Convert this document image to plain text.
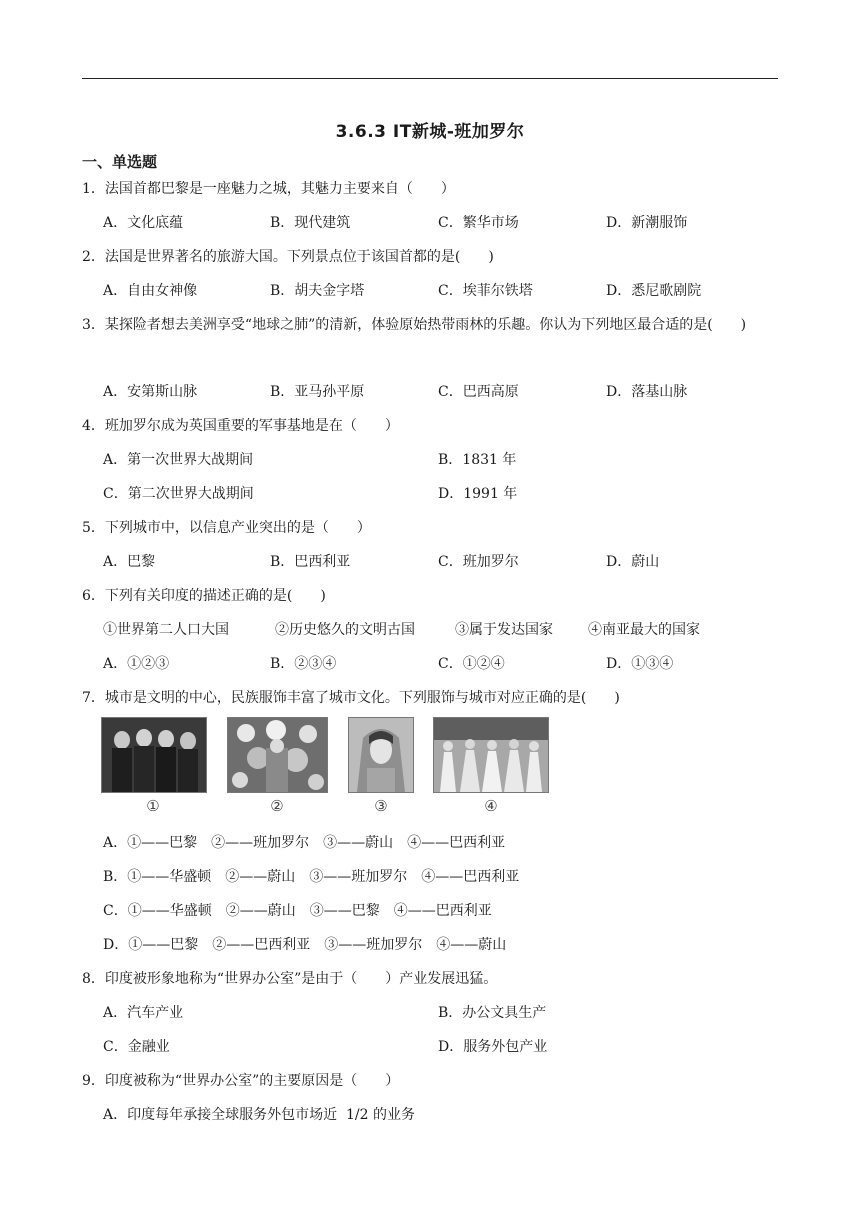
3.6.3 IT新城-班加罗尔
一、单选题
1．法国首都巴黎是一座魅力之城，其魅力主要来自（　　）
A．文化底蕴	B．现代建筑	C．繁华市场	D．新潮服饰
2．法国是世界著名的旅游大国。下列景点位于该国首都的是(　　)
A．自由女神像	B．胡夫金字塔	C．埃菲尔铁塔	D．悉尼歌剧院
3．某探险者想去美洲享受“地球之肺”的清新，体验原始热带雨林的乐趣。你认为下列地区最合适的是(　　)
A．安第斯山脉	B．亚马孙平原	C．巴西高原	D．落基山脉
4．班加罗尔成为英国重要的军事基地是在（　　）
A．第一次世界大战期间	B．1831 年
C．第二次世界大战期间	D．1991 年
5．下列城市中，以信息产业突出的是（　　）
A．巴黎	B．巴西利亚	C．班加罗尔	D．蔚山
6．下列有关印度的描述正确的是(　　)
①世界第二人口大国	②历史悠久的文明古国	③属于发达国家	④南亚最大的国家
A．①②③	B．②③④	C．①②④	D．①③④
7．城市是文明的中心，民族服饰丰富了城市文化。下列服饰与城市对应正确的是(　　)
①	②	③	④
A．①——巴黎　②——班加罗尔　③——蔚山　④——巴西利亚
B．①——华盛顿　②——蔚山　③——班加罗尔　④——巴西利亚
C．①——华盛顿　②——蔚山　③——巴黎　④——巴西利亚
D．①——巴黎　②——巴西利亚　③——班加罗尔　④——蔚山
8．印度被形象地称为“世界办公室”是由于（　　）产业发展迅猛。
A．汽车产业	B．办公文具生产
C．金融业	D．服务外包产业
9．印度被称为“世界办公室”的主要原因是（　　）
A．印度每年承接全球服务外包市场近  1/2 的业务
